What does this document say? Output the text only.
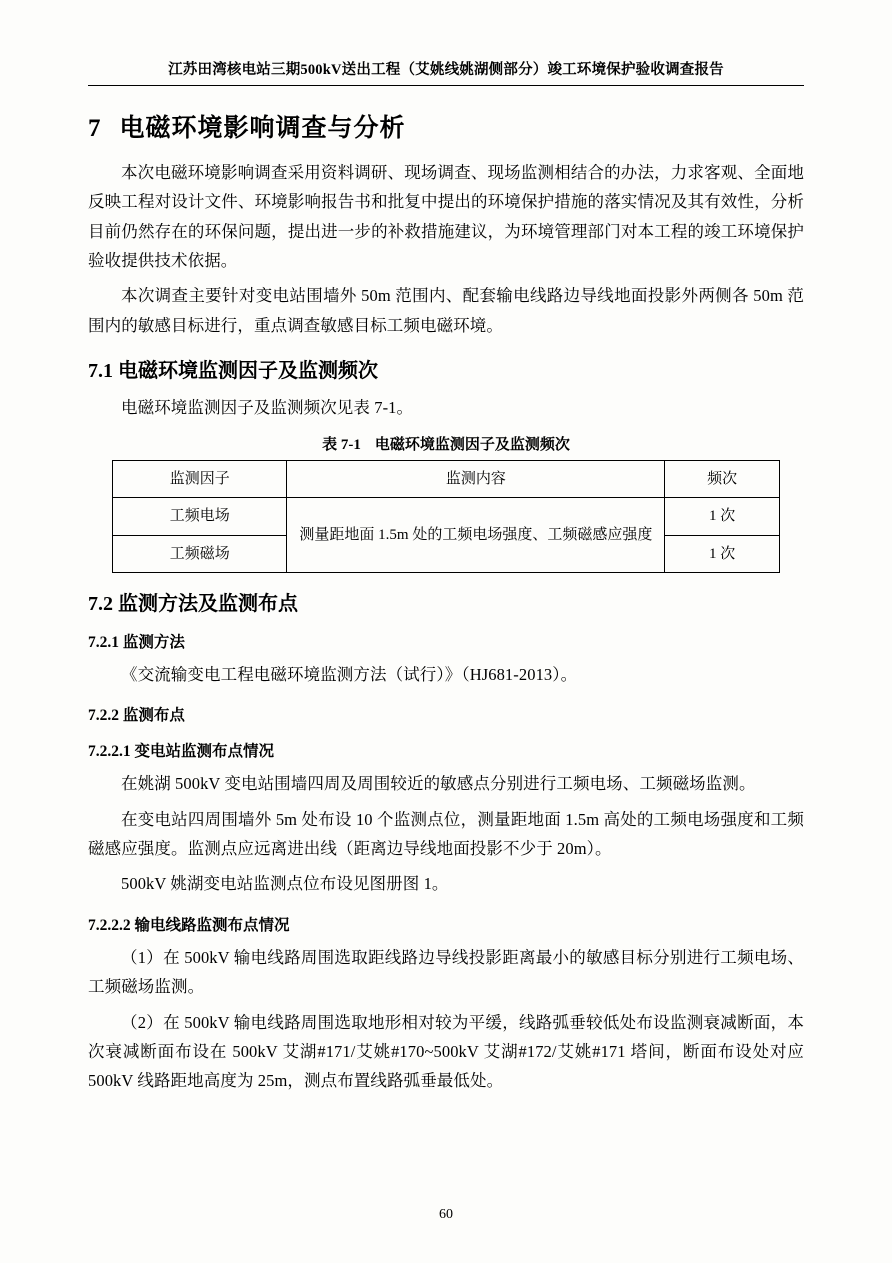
江苏田湾核电站三期500kV送出工程（艾姚线姚湖侧部分）竣工环境保护验收调查报告
7 电磁环境影响调查与分析

本次电磁环境影响调查采用资料调研、现场调查、现场监测相结合的办法，力求客观、全面地反映工程对设计文件、环境影响报告书和批复中提出的环境保护措施的落实情况及其有效性，分析目前仍然存在的环保问题，提出进一步的补救措施建议，为环境管理部门对本工程的竣工环境保护验收提供技术依据。

本次调查主要针对变电站围墙外 50m 范围内、配套输电线路边导线地面投影外两侧各 50m 范围内的敏感目标进行，重点调查敏感目标工频电磁环境。

7.1 电磁环境监测因子及监测频次

电磁环境监测因子及监测频次见表 7-1。

表 7-1 电磁环境监测因子及监测频次
监测因子	监测内容	频次
工频电场	测量距地面 1.5m 处的工频电场强度、工频磁感应强度	1 次
工频磁场		1 次
7.2 监测方法及监测布点
7.2.1 监测方法

《交流输变电工程电磁环境监测方法（试行）》（HJ681-2013）。

7.2.2 监测布点
7.2.2.1 变电站监测布点情况

在姚湖 500kV 变电站围墙四周及周围较近的敏感点分别进行工频电场、工频磁场监测。

在变电站四周围墙外 5m 处布设 10 个监测点位，测量距地面 1.5m 高处的工频电场强度和工频磁感应强度。监测点应远离进出线（距离边导线地面投影不少于 20m）。

500kV 姚湖变电站监测点位布设见图册图 1。

7.2.2.2 输电线路监测布点情况

（1）在 500kV 输电线路周围选取距线路边导线投影距离最小的敏感目标分别进行工频电场、工频磁场监测。

（2）在 500kV 输电线路周围选取地形相对较为平缓，线路弧垂较低处布设监测衰减断面，本次衰减断面布设在 500kV 艾湖#171/艾姚#170~500kV 艾湖#172/艾姚#171 塔间，断面布设处对应 500kV 线路距地高度为 25m，测点布置线路弧垂最低处。

60
